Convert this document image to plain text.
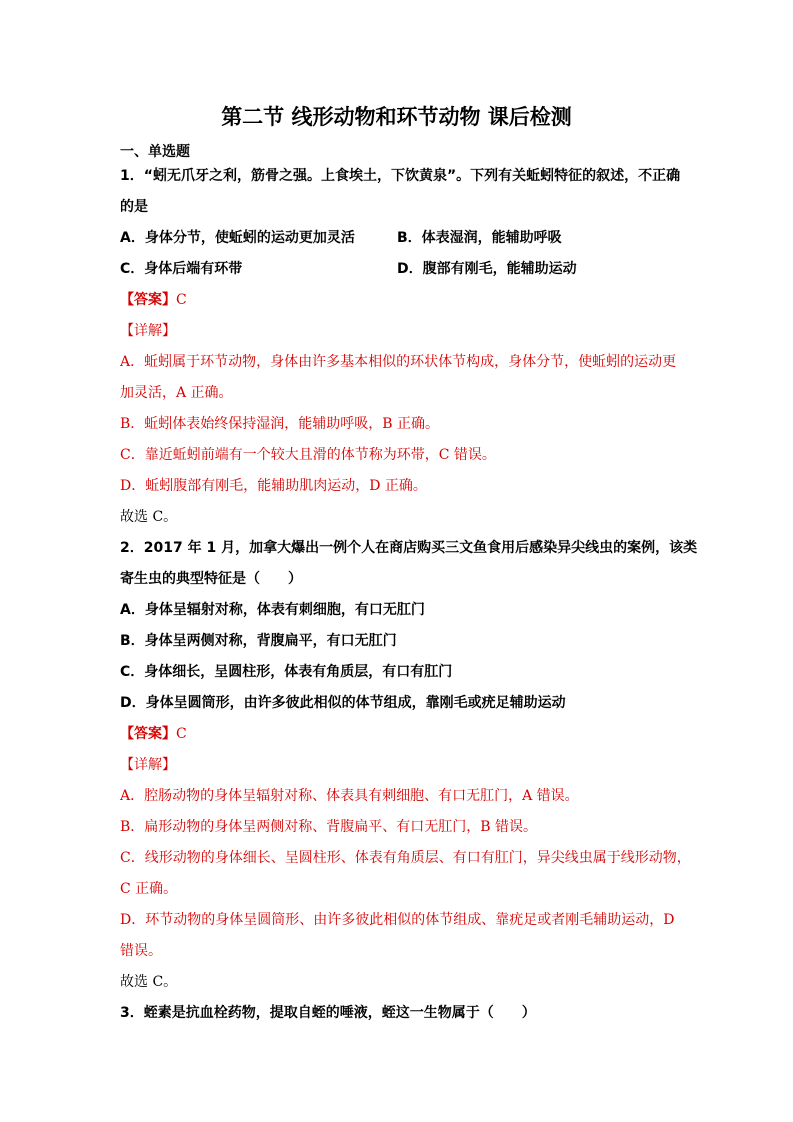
第二节 线形动物和环节动物 课后检测
一、单选题
1．“蚓无爪牙之利，筋骨之强。上食埃土，下饮黄泉”。下列有关蚯蚓特征的叙述，不正确
的是
A．身体分节，使蚯蚓的运动更加灵活	B．体表湿润，能辅助呼吸
C．身体后端有环带	D．腹部有刚毛，能辅助运动
【答案】C
【详解】
A．蚯蚓属于环节动物，身体由许多基本相似的环状体节构成，身体分节，使蚯蚓的运动更
加灵活，A 正确。
B．蚯蚓体表始终保持湿润，能辅助呼吸，B 正确。
C．靠近蚯蚓前端有一个较大且滑的体节称为环带，C 错误。
D．蚯蚓腹部有刚毛，能辅助肌肉运动，D 正确。
故选 C。
2．2017 年 1 月，加拿大爆出一例个人在商店购买三文鱼食用后感染异尖线虫的案例，该类
寄生虫的典型特征是（　　）
A．身体呈辐射对称，体表有刺细胞，有口无肛门
B．身体呈两侧对称，背腹扁平，有口无肛门
C．身体细长，呈圆柱形，体表有角质层，有口有肛门
D．身体呈圆筒形，由许多彼此相似的体节组成，靠刚毛或疣足辅助运动
【答案】C
【详解】
A．腔肠动物的身体呈辐射对称、体表具有刺细胞、有口无肛门，A 错误。
B．扁形动物的身体呈两侧对称、背腹扁平、有口无肛门，B 错误。
C．线形动物的身体细长、呈圆柱形、体表有角质层、有口有肛门，异尖线虫属于线形动物，
C 正确。
D．环节动物的身体呈圆筒形、由许多彼此相似的体节组成、靠疣足或者刚毛辅助运动，D
错误。
故选 C。
3．蛭素是抗血栓药物，提取自蛭的唾液，蛭这一生物属于（　　）
